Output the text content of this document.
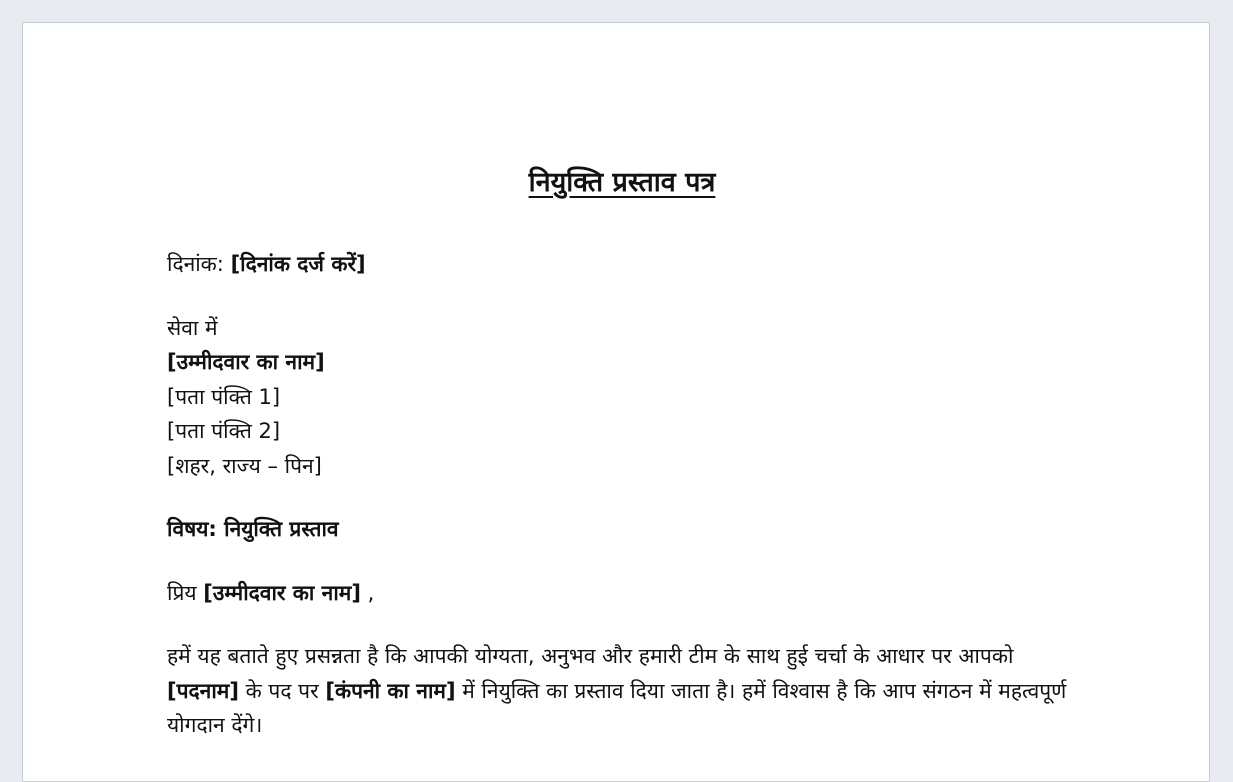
नियुक्ति प्रस्ताव पत्र

दिनांक: [दिनांक दर्ज करें]

सेवा में
[उम्मीदवार का नाम]
[पता पंक्ति 1]
[पता पंक्ति 2]
[शहर, राज्य – पिन]

विषय: नियुक्ति प्रस्ताव

प्रिय [उम्मीदवार का नाम] ,

हमें यह बताते हुए प्रसन्नता है कि आपकी योग्यता, अनुभव और हमारी टीम के साथ हुई चर्चा के आधार पर आपको [पदनाम] के पद पर [कंपनी का नाम] में नियुक्ति का प्रस्ताव दिया जाता है। हमें विश्वास है कि आप संगठन में महत्वपूर्ण योगदान देंगे।
